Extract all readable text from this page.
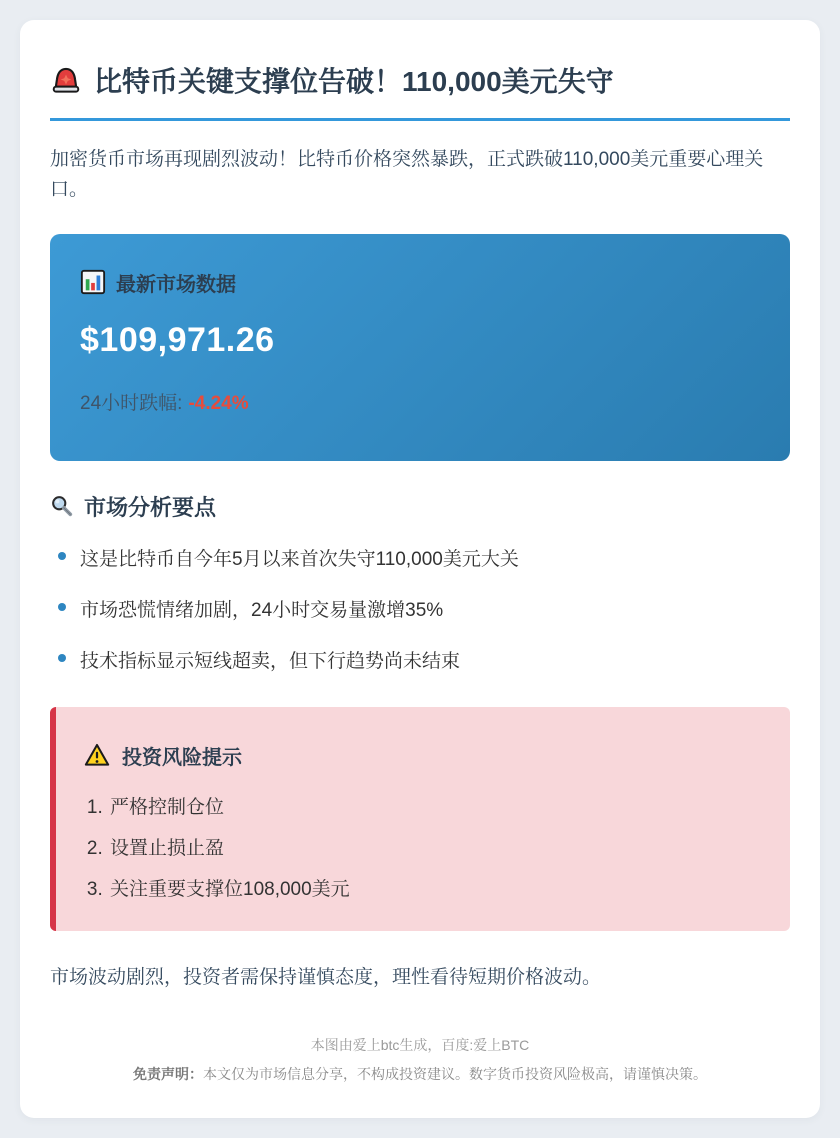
比特币关键支撑位告破！110,000美元失守

加密货币市场再现剧烈波动！比特币价格突然暴跌，正式跌破110,000美元重要心理关口。

最新市场数据
$109,971.26
24小时跌幅: -4.24%
市场分析要点
这是比特币自今年5月以来首次失守110,000美元大关
市场恐慌情绪加剧，24小时交易量激增35%
技术指标显示短线超卖，但下行趋势尚未结束
投资风险提示
1. 严格控制仓位
2. 设置止损止盈
3. 关注重要支撑位108,000美元

市场波动剧烈，投资者需保持谨慎态度，理性看待短期价格波动。

本图由爱上btc生成，百度:爱上BTC

免责声明：本文仅为市场信息分享，不构成投资建议。数字货币投资风险极高，请谨慎决策。
